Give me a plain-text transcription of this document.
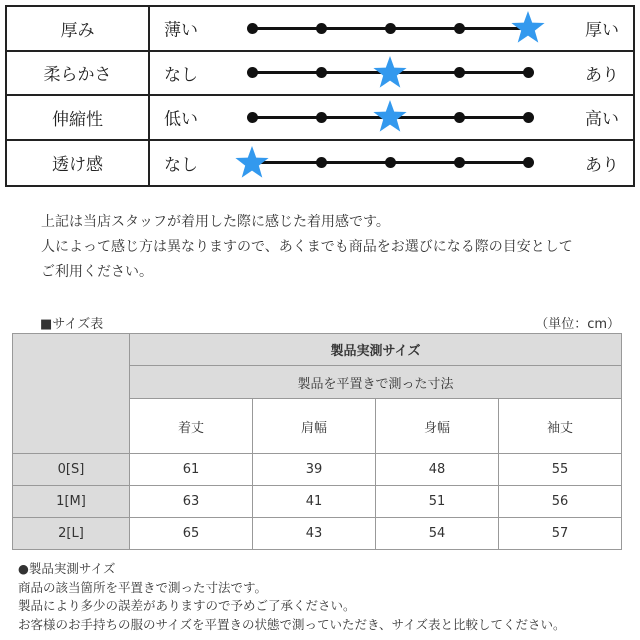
厚み	薄い	厚い
柔らかさ	なし	あり
伸縮性	低い	高い
透け感	なし	あり
上記は当店スタッフが着用した際に感じた着用感です。
人によって感じ方は異なりますので、あくまでも商品をお選びになる際の目安として
ご利用ください。
■サイズ表	（単位：cm）
	製品実測サイズ			
	製品を平置きで測った寸法			
	着丈	肩幅	身幅	袖丈
0[S]	61	39	48	55
1[M]	63	41	51	56
2[L]	65	43	54	57
●製品実測サイズ
商品の該当箇所を平置きで測った寸法です。
製品により多少の誤差がありますので予めご了承ください。
お客様のお手持ちの服のサイズを平置きの状態で測っていただき、サイズ表と比較してください。
